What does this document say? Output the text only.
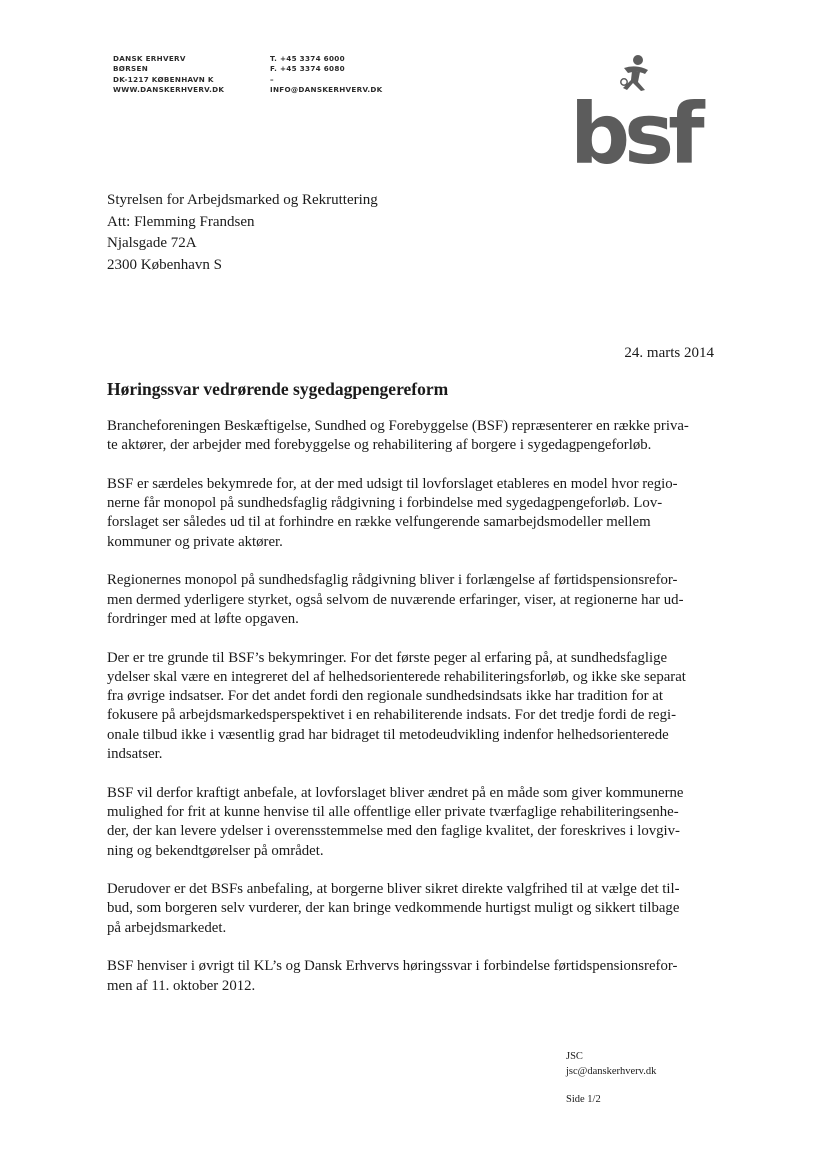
DANSK ERHVERV
BØRSEN
DK-1217 KØBENHAVN K
WWW.DANSKERHVERV.DK
T. +45 3374 6000
F. +45 3374 6080
–
INFO@DANSKERHVERV.DK bsf
Styrelsen for Arbejdsmarked og Rekruttering
Att: Flemming Frandsen
Njalsgade 72A
2300 København S
24. marts 2014
Høringssvar vedrørende sygedagpengereform

Brancheforeningen Beskæftigelse, Sundhed og Forebyggelse (BSF) repræsenterer en række priva-
te aktører, der arbejder med forebyggelse og rehabilitering af borgere i sygedagpengeforløb.

BSF er særdeles bekymrede for, at der med udsigt til lovforslaget etableres en model hvor regio-
nerne får monopol på sundhedsfaglig rådgivning i forbindelse med sygedagpengeforløb. Lov-
forslaget ser således ud til at forhindre en række velfungerende samarbejdsmodeller mellem
kommuner og private aktører.

Regionernes monopol på sundhedsfaglig rådgivning bliver i forlængelse af førtidspensionsrefor-
men dermed yderligere styrket, også selvom de nuværende erfaringer, viser, at regionerne har ud-
fordringer med at løfte opgaven.

Der er tre grunde til BSF’s bekymringer. For det første peger al erfaring på, at sundhedsfaglige
ydelser skal være en integreret del af helhedsorienterede rehabiliteringsforløb, og ikke ske separat
fra øvrige indsatser. For det andet fordi den regionale sundhedsindsats ikke har tradition for at
fokusere på arbejdsmarkedsperspektivet i en rehabiliterende indsats. For det tredje fordi de regi-
onale tilbud ikke i væsentlig grad har bidraget til metodeudvikling indenfor helhedsorienterede
indsatser.

BSF vil derfor kraftigt anbefale, at lovforslaget bliver ændret på en måde som giver kommunerne
mulighed for frit at kunne henvise til alle offentlige eller private tværfaglige rehabiliteringsenhe-
der, der kan levere ydelser i overensstemmelse med den faglige kvalitet, der foreskrives i lovgiv-
ning og bekendtgørelser på området.

Derudover er det BSFs anbefaling, at borgerne bliver sikret direkte valgfrihed til at vælge det til-
bud, som borgeren selv vurderer, der kan bringe vedkommende hurtigst muligt og sikkert tilbage
på arbejdsmarkedet.

BSF henviser i øvrigt til KL’s og Dansk Erhvervs høringssvar i forbindelse førtidspensionsrefor-
men af 11. oktober 2012.

JSC
jsc@danskerhverv.dk
Side 1/2
